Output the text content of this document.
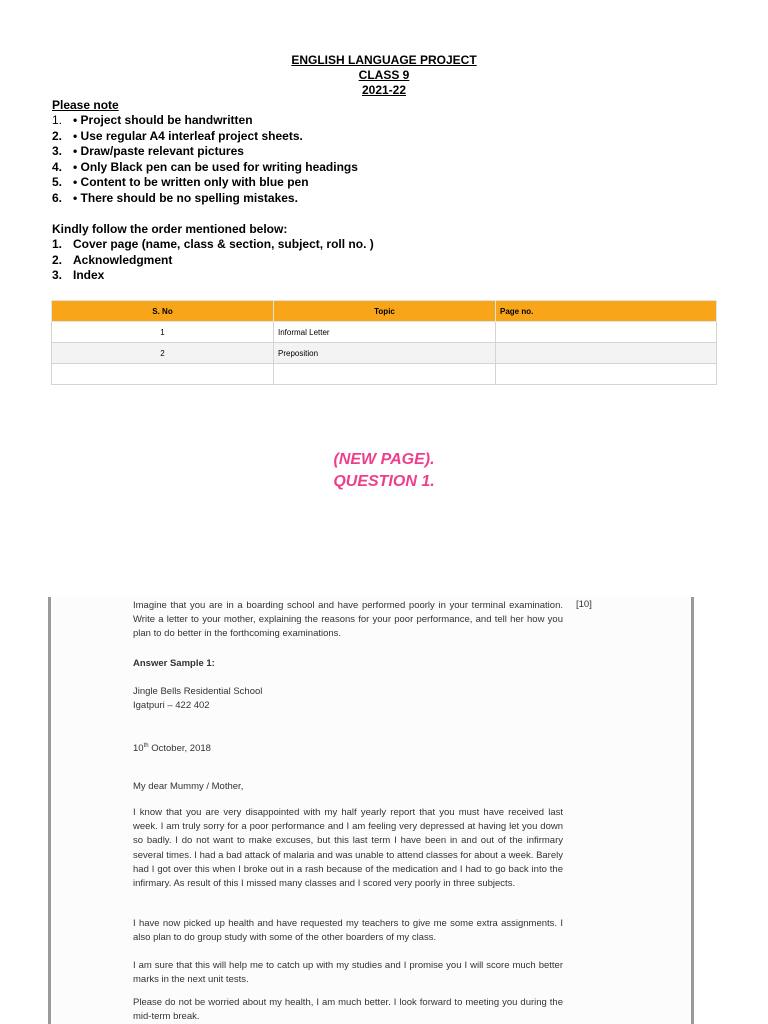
ENGLISH LANGUAGE PROJECT
CLASS 9
2021-22
Please note
1. • Project should be handwritten
2. • Use regular A4 interleaf project sheets.
3. • Draw/paste relevant pictures
4. • Only Black pen can be used for writing headings
5. • Content to be written only with blue pen
6. • There should be no spelling mistakes.
Kindly follow the order mentioned below:
1. Cover page (name, class & section, subject, roll no. )
2. Acknowledgment
3. Index
S. No	Topic	Page no.
1	Informal Letter	
2	Preposition	

(NEW PAGE).
QUESTION 1.

Imagine that you are in a boarding school and have performed poorly in your terminal examination. Write a letter to your mother, explaining the reasons for your poor performance, and tell her how you plan to do better in the forthcoming examinations.

[10]

Answer Sample 1:

Jingle Bells Residential School

Igatpuri – 422 402

10th October, 2018

My dear Mummy / Mother,

I know that you are very disappointed with my half yearly report that you must have received last week. I am truly sorry for a poor performance and I am feeling very depressed at having let you down so badly. I do not want to make excuses, but this last term I have been in and out of the infirmary several times. I had a bad attack of malaria and was unable to attend classes for about a week. Barely had I got over this when I broke out in a rash because of the medication and I had to go back into the infirmary. As result of this I missed many classes and I scored very poorly in three subjects.

I have now picked up health and have requested my teachers to give me some extra assignments. I also plan to do group study with some of the other boarders of my class.

I am sure that this will help me to catch up with my studies and I promise you I will score much better marks in the next unit tests.

Please do not be worried about my health, I am much better. I look forward to meeting you during the mid-term break.
